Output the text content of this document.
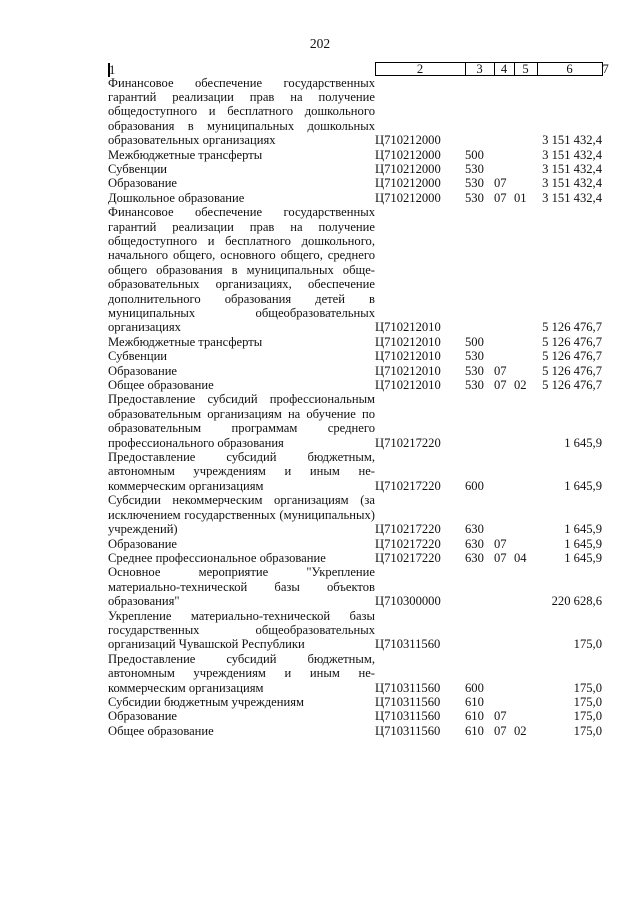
202
1	2	3	4	5	6	7
Финансовое обеспечение государственных гарантий реализации прав на получение общедоступного и бесплатного дошкольного образования в муниципальных дошкольных образовательных организациях	Ц710212000				3 151 432,4	
Межбюджетные трансферты	Ц710212000	500			3 151 432,4	
Субвенции	Ц710212000	530			3 151 432,4	
Образование	Ц710212000	530	07		3 151 432,4	
Дошкольное образование	Ц710212000	530	07	01	3 151 432,4	
Финансовое обеспечение государственных гарантий реализации прав на получение общедоступного и бесплатного дошкольного, начального общего, основного общего, среднего общего образования в муниципальных общеобразовательных организациях, обеспечение дополнительного образования детей в муниципальных общеобразовательных организациях	Ц710212010				5 126 476,7	
Межбюджетные трансферты	Ц710212010	500			5 126 476,7	
Субвенции	Ц710212010	530			5 126 476,7	
Образование	Ц710212010	530	07		5 126 476,7	
Общее образование	Ц710212010	530	07	02	5 126 476,7	
Предоставление субсидий профессиональным образовательным организациям на обучение по образовательным программам среднего профессионального образования	Ц710217220				1 645,9	
Предоставление субсидий бюджетным, автономным учреждениям и иным некоммерческим организациям	Ц710217220	600			1 645,9	
Субсидии некоммерческим организациям (за исключением государственных (муниципальных) учреждений)	Ц710217220	630			1 645,9	
Образование	Ц710217220	630	07		1 645,9	
Среднее профессиональное образование	Ц710217220	630	07	04	1 645,9	
Основное мероприятие "Укрепление материально-технической базы объектов образования"	Ц710300000				220 628,6	
Укрепление материально-технической базы государственных общеобразовательных организаций Чувашской Республики	Ц710311560				175,0	
Предоставление субсидий бюджетным, автономным учреждениям и иным некоммерческим организациям	Ц710311560	600			175,0	
Субсидии бюджетным учреждениям	Ц710311560	610			175,0	
Образование	Ц710311560	610	07		175,0	
Общее образование	Ц710311560	610	07	02	175,0	
